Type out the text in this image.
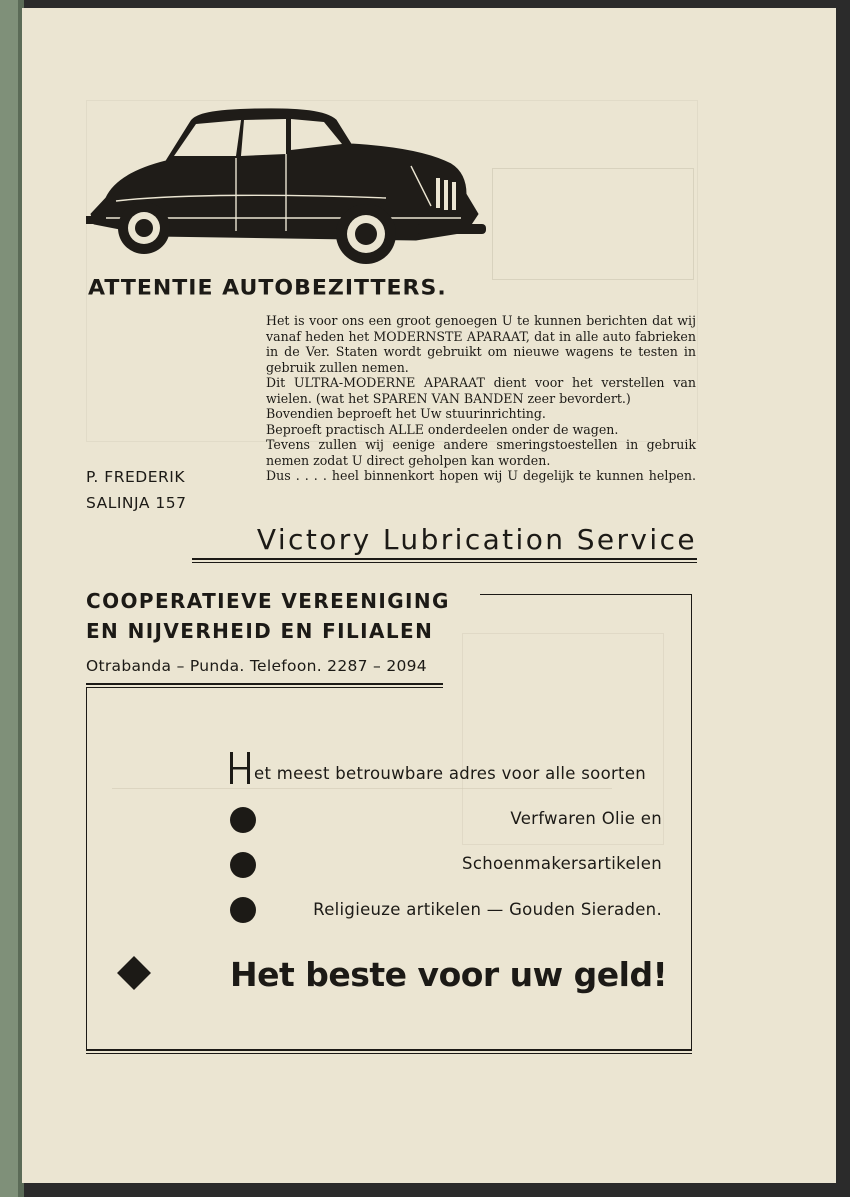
ATTENTIE AUTOBEZITTERS.

Het is voor ons een groot genoegen U te kunnen berichten dat wij vanaf heden het MODERNSTE APARAAT, dat in alle auto fabrieken in de Ver. Staten wordt gebruikt om nieuwe wagens te testen in gebruik zullen nemen.

Dit ULTRA-MODERNE APARAAT dient voor het verstellen van wielen. (wat het SPAREN VAN BANDEN zeer bevordert.)

Bovendien beproeft het Uw stuurinrichting.

Beproeft practisch ALLE onderdeelen onder de wagen.

Tevens zullen wij eenige andere smeringstoestellen in gebruik nemen zodat U direct geholpen kan worden.

Dus . . . . heel binnenkort hopen wij U degelijk te kunnen helpen.

P. FREDERIK
SALINJA 157
Victory Lubrication Service
COOPERATIEVE VEREENIGING
EN NIJVERHEID EN FILIALEN
Otrabanda – Punda. Telefoon. 2287 – 2094
et meest betrouwbare adres voor alle soorten
Verfwaren Olie en
Schoenmakersartikelen
Religieuze artikelen — Gouden Sieraden.
Het beste voor uw geld!
